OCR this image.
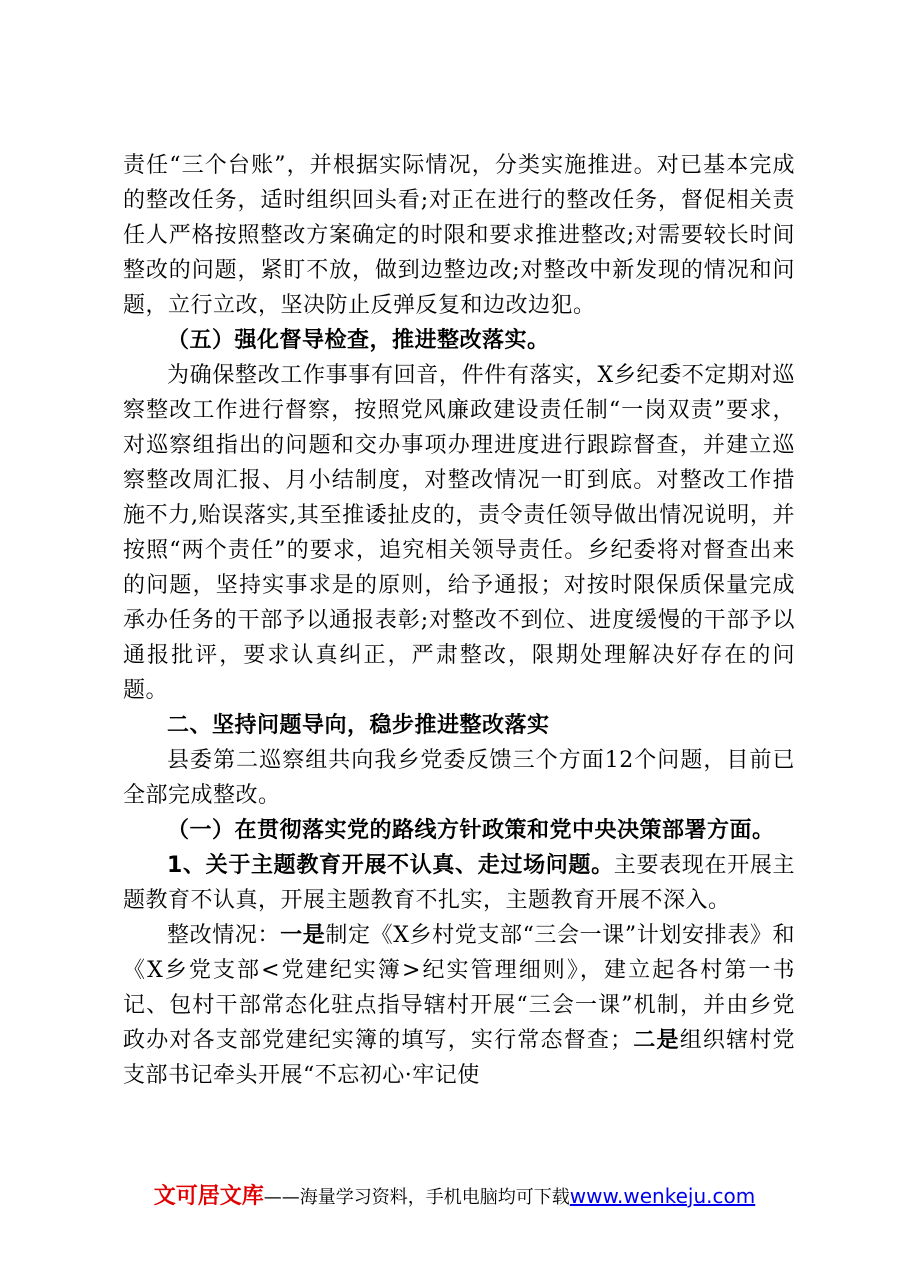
责任“三个台账”，并根据实际情况，分类实施推进。对已基本完成的整改任务，适时组织回头看;对正在进行的整改任务，督促相关责任人严格按照整改方案确定的时限和要求推进整改;对需要较长时间整改的问题，紧盯不放，做到边整边改;对整改中新发现的情况和问题，立行立改，坚决防止反弹反复和边改边犯。

（五）强化督导检查，推进整改落实。

为确保整改工作事事有回音，件件有落实，X乡纪委不定期对巡察整改工作进行督察，按照党风廉政建设责任制“一岗双责”要求，对巡察组指出的问题和交办事项办理进度进行跟踪督查，并建立巡察整改周汇报、月小结制度，对整改情况一盯到底。对整改工作措施不力,贻误落实,其至推诿扯皮的，责令责任领导做出情况说明，并按照“两个责任”的要求，追究相关领导责任。乡纪委将对督查出来的问题，坚持实事求是的原则，给予通报；对按时限保质保量完成承办任务的干部予以通报表彰;对整改不到位、进度缓慢的干部予以通报批评，要求认真纠正，严肃整改，限期处理解决好存在的问题。

二、坚持问题导向，稳步推进整改落实

县委第二巡察组共向我乡党委反馈三个方面12个问题，目前已全部完成整改。

（一）在贯彻落实党的路线方针政策和党中央决策部署方面。

1、关于主题教育开展不认真、走过场问题。主要表现在开展主题教育不认真，开展主题教育不扎实，主题教育开展不深入。

整改情况：一是制定《X乡村党支部“三会一课”计划安排表》和《X乡党支部<党建纪实簿>纪实管理细则》，建立起各村第一书记、包村干部常态化驻点指导辖村开展“三会一课”机制，并由乡党政办对各支部党建纪实簿的填写，实行常态督查；二是组织辖村党支部书记牵头开展“不忘初心·牢记使

文可居文库——海量学习资料，手机电脑均可下载www.wenkeju.com
